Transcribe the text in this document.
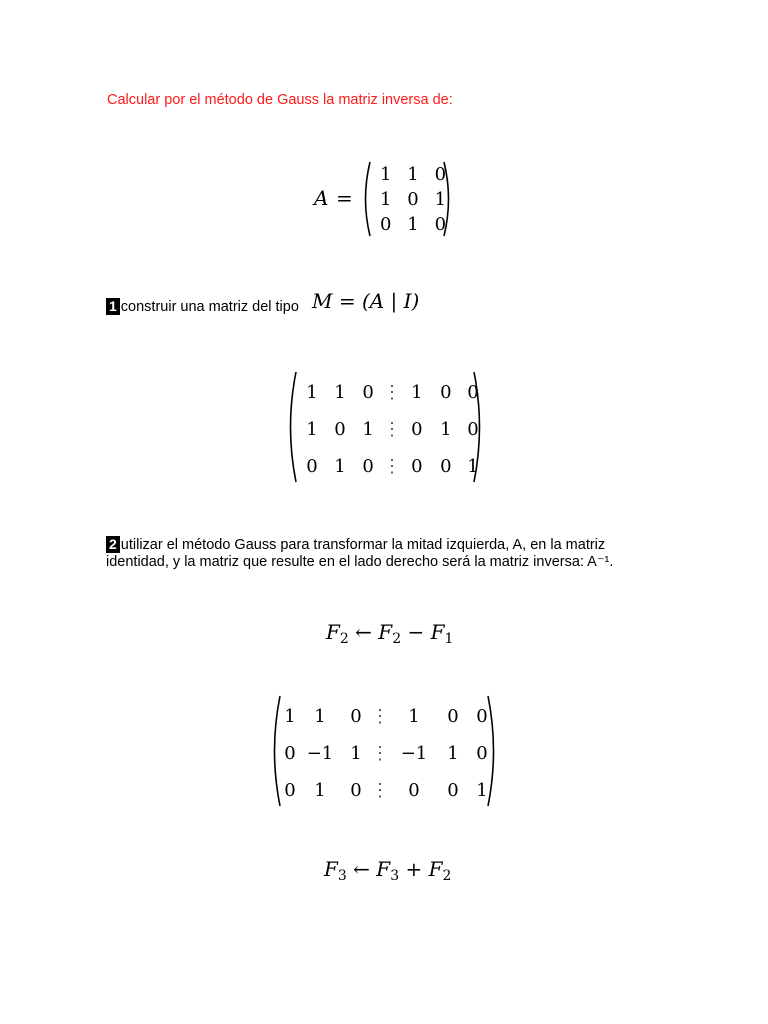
Calcular por el método de Gauss la matriz inversa de:
A =
1	1	0
1	0	1
0	1	0
1 construir una matriz del tipo M = (A | I)
1	1	0	⋮	1	0	0
1	0	1	⋮	0	1	0
0	1	0	⋮	0	0	1
2 utilizar el método Gauss para transformar la mitad izquierda, A, en la matriz
identidad, y la matriz que resulte en el lado derecho será la matriz inversa: A⁻¹.
$F_2$ ← $F_2 - F_1$
1	1	0	⋮	1	0	0
0	−1	1	⋮	−1	1	0
0	1	0	⋮	0	0	1
$F_3$ ← $F_3 + F_2$
